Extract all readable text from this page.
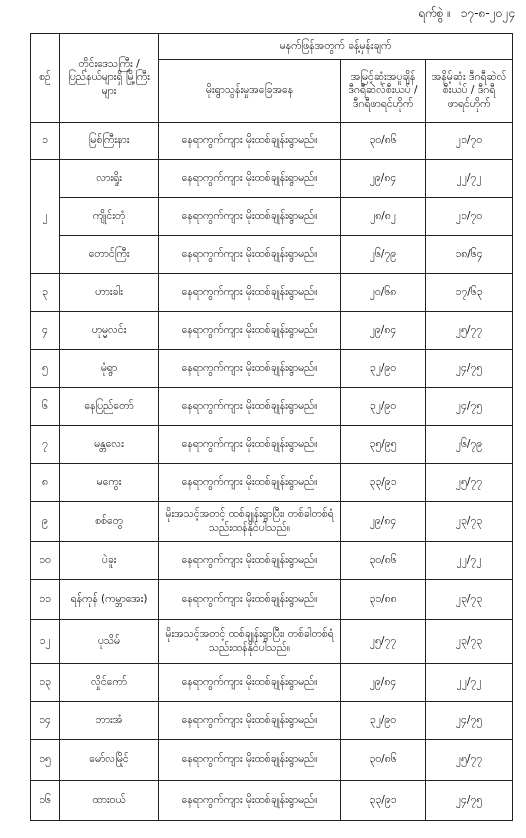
ရက်စွဲ ။ ၁၇-၈-၂၀၂၄
စဉ်	တိုင်းဒေသကြီး / ပြည်နယ်များရှိ မြို့ကြီးများ	မနက်ဖြန်အတွက် ခန့်မှန်းချက်		
		မိုးရွာသွန်းမှုအခြေအနေ	အမြင့်ဆုံးအပူချိန် ဒီဂရီဆဲလ်စီးယပ် /ဒီဂရီဖာရင်ဟိုက်	အနိမ့်ဆုံး ဒီဂရီဆဲလ်စီးယပ် / ဒီဂရီဖာရင်ဟိုက်
၁	မြစ်ကြီးနား	နေရာကွက်ကျား မိုးထစ်ချုန်းရွာမည်။	၃၀/၈၆	၂၁/၇၀
၂	လားရှိုး	နေရာကွက်ကျား မိုးထစ်ချုန်းရွာမည်။	၂၉/၈၄	၂၂/၇၂
	ကျိုင်းတုံ	နေရာကွက်ကျား မိုးထစ်ချုန်းရွာမည်။	၂၈/၈၂	၂၁/၇၀
	တောင်ကြီး	နေရာကွက်ကျား မိုးထစ်ချုန်းရွာမည်။	၂၆/၇၉	၁၈/၆၄
၃	ဟားခါး	နေရာကွက်ကျား မိုးထစ်ချုန်းရွာမည်။	၂၀/၆၈	၁၇/၆၃
၄	ဟုမ္မလင်း	နေရာကွက်ကျား မိုးထစ်ချုန်းရွာမည်။	၂၉/၈၄	၂၅/၇၇
၅	မုံရွာ	နေရာကွက်ကျား မိုးထစ်ချုန်းရွာမည်။	၃၂/၉၀	၂၄/၇၅
၆	နေပြည်တော်	နေရာကွက်ကျား မိုးထစ်ချုန်းရွာမည်။	၃၂/၉၀	၂၄/၇၅
၇	မန္တလေး	နေရာကွက်ကျား မိုးထစ်ချုန်းရွာမည်။	၃၅/၉၅	၂၆/၇၉
၈	မကွေး	နေရာကွက်ကျား မိုးထစ်ချုန်းရွာမည်။	၃၃/၉၁	၂၅/၇၇
၉	စစ်တွေ	မိုးအသင့်အတင့် ထစ်ချုန်းရွာပြီး၊ တစ်ခါတစ်ရံ သည်းထန်နိုင်ပါသည်။	၂၉/၈၄	၂၃/၇၃
၁၀	ပဲခူး	နေရာကွက်ကျား မိုးထစ်ချုန်းရွာမည်။	၃၀/၈၆	၂၂/၇၂
၁၁	ရန်ကုန် (ကမ္ဘာအေး)	နေရာကွက်ကျား မိုးထစ်ချုန်းရွာမည်။	၃၁/၈၈	၂၃/၇၃
၁၂	ပုသိမ်	မိုးအသင့်အတင့် ထစ်ချုန်းရွာပြီး၊ တစ်ခါတစ်ရံ သည်းထန်နိုင်ပါသည်။	၂၅/၇၇	၂၃/၇၃
၁၃	လှိုင်ကော်	နေရာကွက်ကျား မိုးထစ်ချုန်းရွာမည်။	၂၉/၈၄	၂၂/၇၂
၁၄	ဘားအံ	နေရာကွက်ကျား မိုးထစ်ချုန်းရွာမည်။	၃၂/၉၀	၂၄/၇၅
၁၅	မော်လမြိုင်	နေရာကွက်ကျား မိုးထစ်ချုန်းရွာမည်။	၃၀/၈၆	၂၅/၇၇
၁၆	ထားဝယ်	နေရာကွက်ကျား မိုးထစ်ချုန်းရွာမည်။	၃၃/၉၁	၂၄/၇၅
